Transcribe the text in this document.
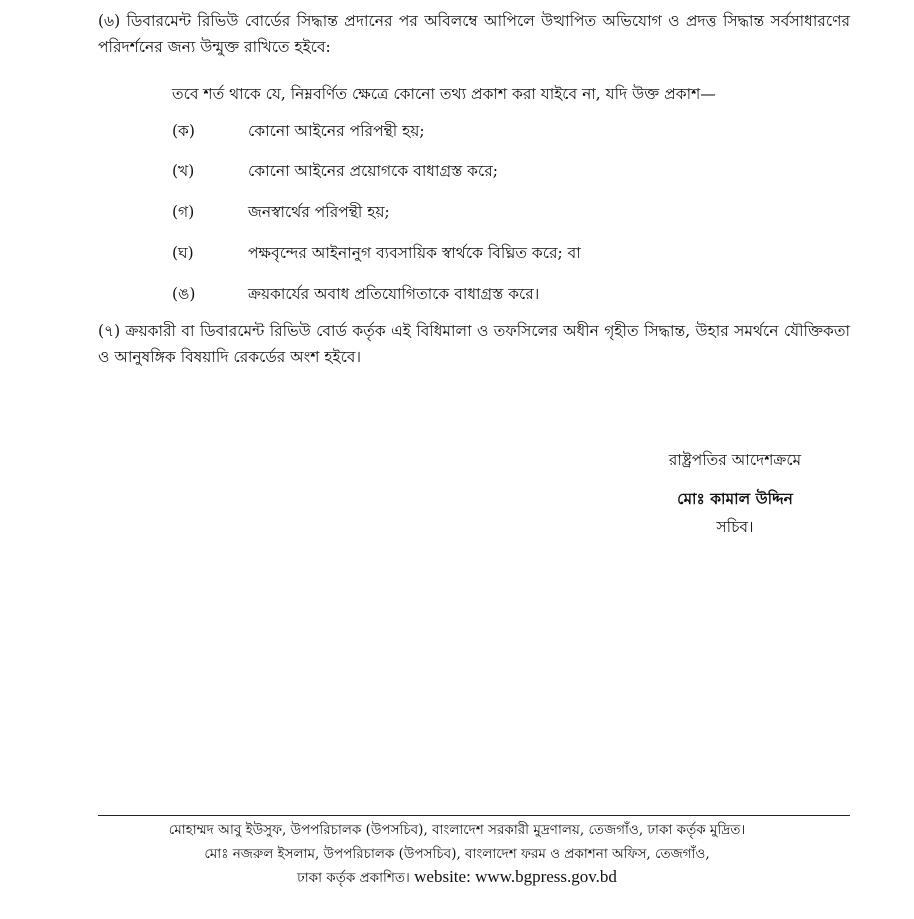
(৬) ডিবারমেন্ট রিভিউ বোর্ডের সিদ্ধান্ত প্রদানের পর অবিলম্বে আপিলে উত্থাপিত অভিযোগ ও প্রদত্ত সিদ্ধান্ত সর্বসাধারণের পরিদর্শনের জন্য উন্মুক্ত রাখিতে হইবে:

তবে শর্ত থাকে যে, নিম্নবর্ণিত ক্ষেত্রে কোনো তথ্য প্রকাশ করা যাইবে না, যদি উক্ত প্রকাশ—

(ক)	কোনো আইনের পরিপন্থী হয়;
(খ)	কোনো আইনের প্রয়োগকে বাধাগ্রস্ত করে;
(গ)	জনস্বার্থের পরিপন্থী হয়;
(ঘ)	পক্ষবৃন্দের আইনানুগ ব্যবসায়িক স্বার্থকে বিঘ্নিত করে; বা
(ঙ)	ক্রয়কার্যের অবাধ প্রতিযোগিতাকে বাধাগ্রস্ত করে।

(৭) ক্রয়কারী বা ডিবারমেন্ট রিভিউ বোর্ড কর্তৃক এই বিধিমালা ও তফসিলের অধীন গৃহীত সিদ্ধান্ত, উহার সমর্থনে যৌক্তিকতা ও আনুষঙ্গিক বিষয়াদি রেকর্ডের অংশ হইবে।

রাষ্ট্রপতির আদেশক্রমে
মোঃ কামাল উদ্দিন
সচিব।
মোহাম্মদ আবু ইউসুফ, উপপরিচালক (উপসচিব), বাংলাদেশ সরকারী মুদ্রণালয়, তেজগাঁও, ঢাকা কর্তৃক মুদ্রিত।
মোঃ নজরুল ইসলাম, উপপরিচালক (উপসচিব), বাংলাদেশ ফরম ও প্রকাশনা অফিস, তেজগাঁও,
ঢাকা কর্তৃক প্রকাশিত। website: www.bgpress.gov.bd
